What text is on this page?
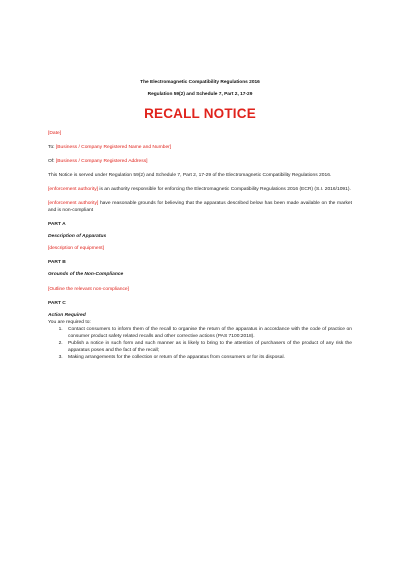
The Electromagnetic Compatibility Regulations 2016
Regulation 59(2) and Schedule 7, Part 2, 17-29
RECALL NOTICE

[Date]

To: [Business / Company Registered Name and Number]

Of: [Business / Company Registered Address]

This Notice is served under Regulation 59(2) and Schedule 7, Part 2, 17-29 of the Electromagnetic Compatibility Regulations 2016.

[enforcement authority] is an authority responsible for enforcing the Electromagnetic Compatibility Regulations 2016 (ECR) (S.I. 2016/1091).

[enforcement authority] have reasonable grounds for believing that the apparatus described below has been made available on the market and is non-compliant

PART A

Description of Apparatus

[description of equipment]

PART B

Grounds of the Non-Compliance

[Outline the relevant non-compliance]

PART C

Action Required

You are required to:

1. Contact consumers to inform them of the recall to organise the return of the apparatus in accordance with the code of practice on consumer product safety related recalls and other corrective actions (PAS 7100:2018).
2. Publish a notice in such form and such manner as is likely to bring to the attention of purchasers of the product of any risk the apparatus poses and the fact of the recall;
3. Making arrangements for the collection or return of the apparatus from consumers or for its disposal.
